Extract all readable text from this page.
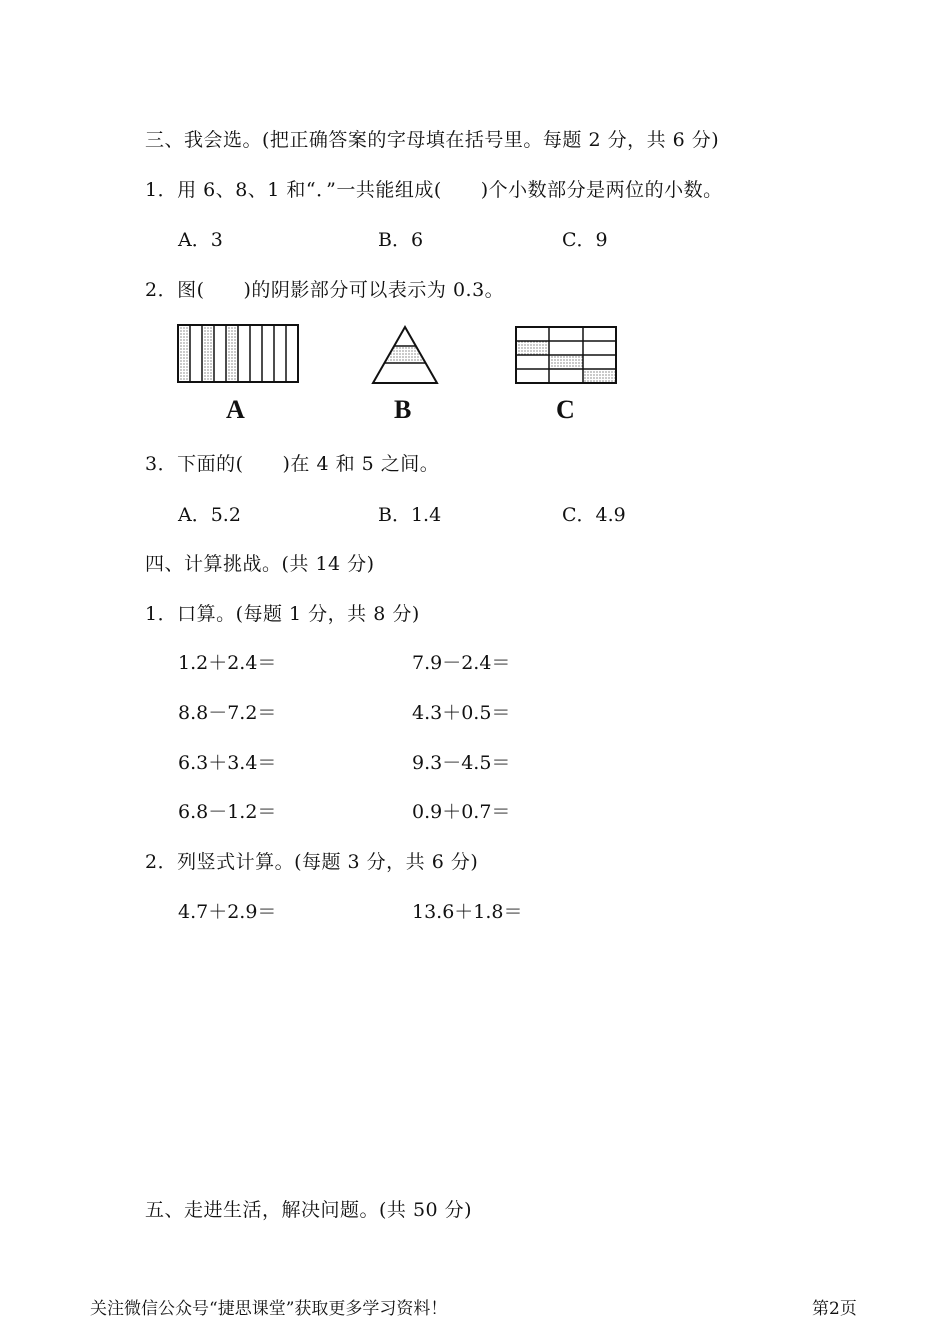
三、我会选。(把正确答案的字母填在括号里。每题 2 分，共 6 分)
1．用 6、8、1 和“．”一共能组成(　　)个小数部分是两位的小数。
A．3	B．6	C．9
2．图(　　)的阴影部分可以表示为 0.3。
A	B	C
3．下面的(　　)在 4 和 5 之间。
A．5.2	B．1.4	C．4.9
四、计算挑战。(共 14 分)
1．口算。(每题 1 分，共 8 分)
1.2＋2.4＝	7.9－2.4＝
8.8－7.2＝	4.3＋0.5＝
6.3＋3.4＝	9.3－4.5＝
6.8－1.2＝	0.9＋0.7＝
2．列竖式计算。(每题 3 分，共 6 分)
4.7＋2.9＝	13.6＋1.8＝
五、走进生活，解决问题。(共 50 分)
关注微信公众号“捷思课堂”获取更多学习资料！	第2页
